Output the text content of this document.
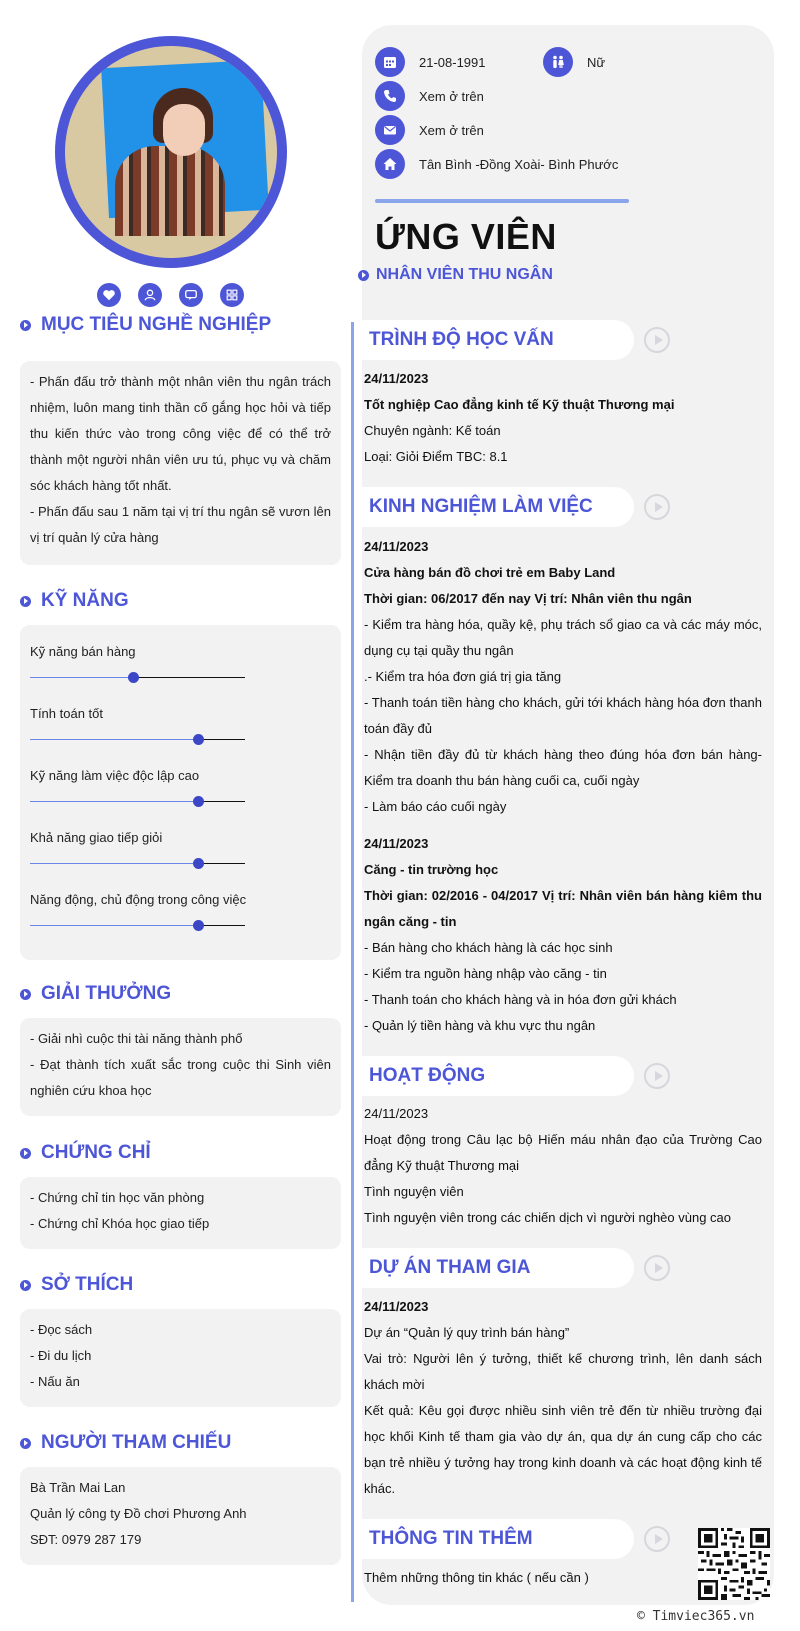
21-08-1991
Xem ở trên
Xem ở trên
Tân Bình -Đồng Xoài- Bình Phước
Nữ
ỨNG VIÊN
NHÂN VIÊN THU NGÂN
MỤC TIÊU NGHỀ NGHIỆP

- Phấn đấu trở thành một nhân viên thu ngân trách nhiệm, luôn mang tinh thần cố gắng học hỏi và tiếp thu kiến thức vào trong công việc để có thể trở thành một người nhân viên ưu tú, phục vụ và chăm sóc khách hàng tốt nhất.

- Phấn đấu sau 1 năm tại vị trí thu ngân sẽ vươn lên vị trí quản lý cửa hàng

KỸ NĂNG
Kỹ năng bán hàng
Tính toán tốt
Kỹ năng làm việc độc lập cao
Khả năng giao tiếp giỏi
Năng động, chủ động trong công việc
GIẢI THƯỞNG

- Giải nhì cuộc thi tài năng thành phố

- Đạt thành tích xuất sắc trong cuộc thi Sinh viên nghiên cứu khoa học

CHỨNG CHỈ

- Chứng chỉ tin học văn phòng

- Chứng chỉ Khóa học giao tiếp

SỞ THÍCH

- Đọc sách

- Đi du lịch

- Nấu ăn

NGƯỜI THAM CHIẾU

Bà Trần Mai Lan

Quản lý công ty Đồ chơi Phương Anh

SĐT: 0979 287 179

TRÌNH ĐỘ HỌC VẤN
24/11/2023
Tốt nghiệp Cao đẳng kinh tế Kỹ thuật Thương mại
Chuyên ngành: Kế toán
Loại: Giỏi Điểm TBC: 8.1
KINH NGHIỆM LÀM VIỆC
24/11/2023
Cửa hàng bán đồ chơi trẻ em Baby Land
Thời gian: 06/2017 đến nay Vị trí: Nhân viên thu ngân

- Kiểm tra hàng hóa, quầy kệ, phụ trách sổ giao ca và các máy móc, dụng cụ tại quầy thu ngân

.- Kiểm tra hóa đơn giá trị gia tăng

- Thanh toán tiền hàng cho khách, gửi tới khách hàng hóa đơn thanh toán đầy đủ

- Nhận tiền đầy đủ từ khách hàng theo đúng hóa đơn bán hàng- Kiểm tra doanh thu bán hàng cuối ca, cuối ngày

- Làm báo cáo cuối ngày

24/11/2023
Căng - tin trường học

Thời gian: 02/2016 - 04/2017 Vị trí: Nhân viên bán hàng kiêm thu ngân căng - tin

- Bán hàng cho khách hàng là các học sinh

- Kiểm tra nguồn hàng nhập vào căng - tin

- Thanh toán cho khách hàng và in hóa đơn gửi khách

- Quản lý tiền hàng và khu vực thu ngân

HOẠT ĐỘNG
24/11/2023

Hoạt động trong Câu lạc bộ Hiến máu nhân đạo của Trường Cao đẳng Kỹ thuật Thương mại

Tình nguyện viên

Tình nguyện viên trong các chiến dịch vì người nghèo vùng cao

DỰ ÁN THAM GIA
24/11/2023
Dự án “Quản lý quy trình bán hàng”

Vai trò: Người lên ý tưởng, thiết kế chương trình, lên danh sách khách mời

Kết quả: Kêu gọi được nhiều sinh viên trẻ đến từ nhiều trường đại học khối Kinh tế tham gia vào dự án, qua dự án cung cấp cho các bạn trẻ nhiều ý tưởng hay trong kinh doanh và các hoạt động kinh tế khác.

THÔNG TIN THÊM
Thêm những thông tin khác ( nếu cần )
© Timviec365.vn
